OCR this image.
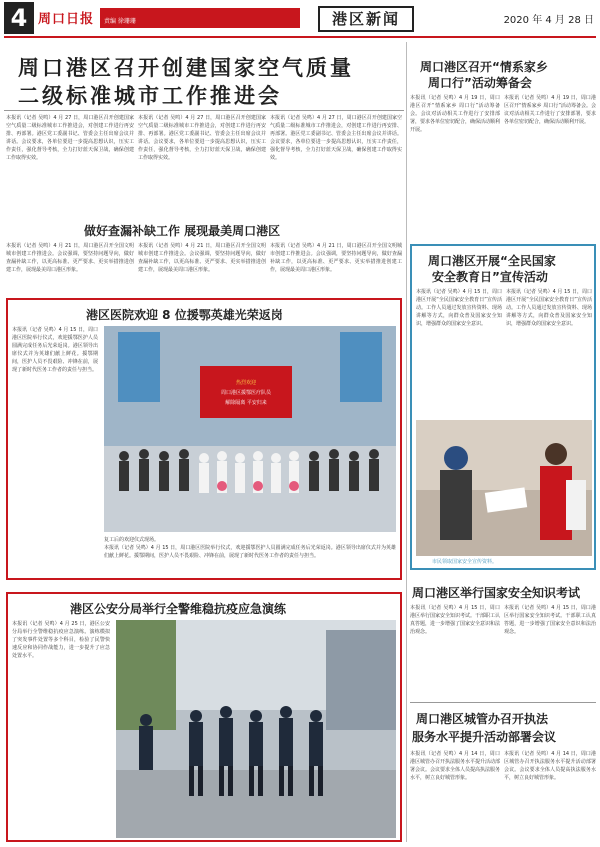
4 周口日报	责编 徐珊珊	港区新闻	2020 年 4 月 28 日
周口港区召开创建国家空气质量
二级标准城市工作推进会
本报讯（记者 吴鸣）4 月 27 日，周口港区召开创建国家空气质量二级标准城市工作推进会，对创建工作进行再安排、再部署。港区党工委副书记、管委会主任出席会议并讲话。会议要求，各单位要进一步提高思想认识，压实工作责任，强化督导考核，全力打好蓝天保卫战，确保创建工作取得实效。
本报讯（记者 吴鸣）4 月 27 日，周口港区召开创建国家空气质量二级标准城市工作推进会，对创建工作进行再安排、再部署。港区党工委副书记、管委会主任出席会议并讲话。会议要求，各单位要进一步提高思想认识，压实工作责任，强化督导考核，全力打好蓝天保卫战，确保创建工作取得实效。
本报讯（记者 吴鸣）4 月 27 日，周口港区召开创建国家空气质量二级标准城市工作推进会，对创建工作进行再安排、再部署。港区党工委副书记、管委会主任出席会议并讲话。会议要求，各单位要进一步提高思想认识，压实工作责任，强化督导考核，全力打好蓝天保卫战，确保创建工作取得实效。
做好查漏补缺工作 展现最美周口港区
本报讯（记者 吴鸣）4 月 21 日，周口港区召开全国文明城市创建工作推进会。会议强调，要坚持问题导向，做好查漏补缺工作，以更高标准、更严要求、更实举措推进创建工作，展现最美周口港区形象。
本报讯（记者 吴鸣）4 月 21 日，周口港区召开全国文明城市创建工作推进会。会议强调，要坚持问题导向，做好查漏补缺工作，以更高标准、更严要求、更实举措推进创建工作，展现最美周口港区形象。
本报讯（记者 吴鸣）4 月 21 日，周口港区召开全国文明城市创建工作推进会。会议强调，要坚持问题导向，做好查漏补缺工作，以更高标准、更严要求、更实举措推进创建工作，展现最美周口港区形象。
港区医院欢迎 8 位援鄂英雄光荣返岗
本报讯（记者 吴鸣）4 月 15 日，周口港区医院举行仪式，欢迎援鄂医护人员圆满完成任务后光荣返岗。港区领导出席仪式并为英雄们献上鲜花。援鄂期间，医护人员不畏艰险、冲锋在前，展现了新时代医务工作者的责任与担当。
热烈欢迎
周口港区援鄂医疗队员
解除隔离 平安归来
复工后的欢迎仪式现场。
本报讯（记者 吴鸣）4 月 15 日，周口港区医院举行仪式，欢迎援鄂医护人员圆满完成任务后光荣返岗。港区领导出席仪式并为英雄们献上鲜花。援鄂期间，医护人员不畏艰险、冲锋在前，展现了新时代医务工作者的责任与担当。
港区公安分局举行全警维稳抗疫应急演练
本报讯（记者 吴鸣）4 月 25 日，港区公安分局举行全警维稳抗疫应急演练。演练模拟了突发事件处置等多个科目，检验了民警快速反应和协同作战能力，进一步提升了应急处置水平。
周口港区召开“情系家乡
周口行”活动筹备会
本报讯（记者 吴鸣）4 月 19 日，周口港区召开“情系家乡 周口行”活动筹备会。会议对活动相关工作进行了安排部署，要求各单位密切配合，确保活动顺利开展。
本报讯（记者 吴鸣）4 月 19 日，周口港区召开“情系家乡 周口行”活动筹备会。会议对活动相关工作进行了安排部署，要求各单位密切配合，确保活动顺利开展。
周口港区开展“全民国家
安全教育日”宣传活动
本报讯（记者 吴鸣）4 月 15 日，周口港区开展“全民国家安全教育日”宣传活动。工作人员通过发放宣传资料、现场讲解等方式，向群众普及国家安全知识，增强群众的国家安全意识。
本报讯（记者 吴鸣）4 月 15 日，周口港区开展“全民国家安全教育日”宣传活动。工作人员通过发放宣传资料、现场讲解等方式，向群众普及国家安全知识，增强群众的国家安全意识。
市民领取国家安全宣传资料。
周口港区举行国家安全知识考试
本报讯（记者 吴鸣）4 月 15 日，周口港区举行国家安全知识考试。干部职工认真答题，进一步增强了国家安全意识和法治观念。
本报讯（记者 吴鸣）4 月 15 日，周口港区举行国家安全知识考试。干部职工认真答题，进一步增强了国家安全意识和法治观念。
周口港区城管办召开执法
服务水平提升活动部署会议
本报讯（记者 吴鸣）4 月 14 日，周口港区城管办召开执法服务水平提升活动部署会议。会议要求全体人员提高执法服务水平，树立良好城管形象。
本报讯（记者 吴鸣）4 月 14 日，周口港区城管办召开执法服务水平提升活动部署会议。会议要求全体人员提高执法服务水平，树立良好城管形象。
